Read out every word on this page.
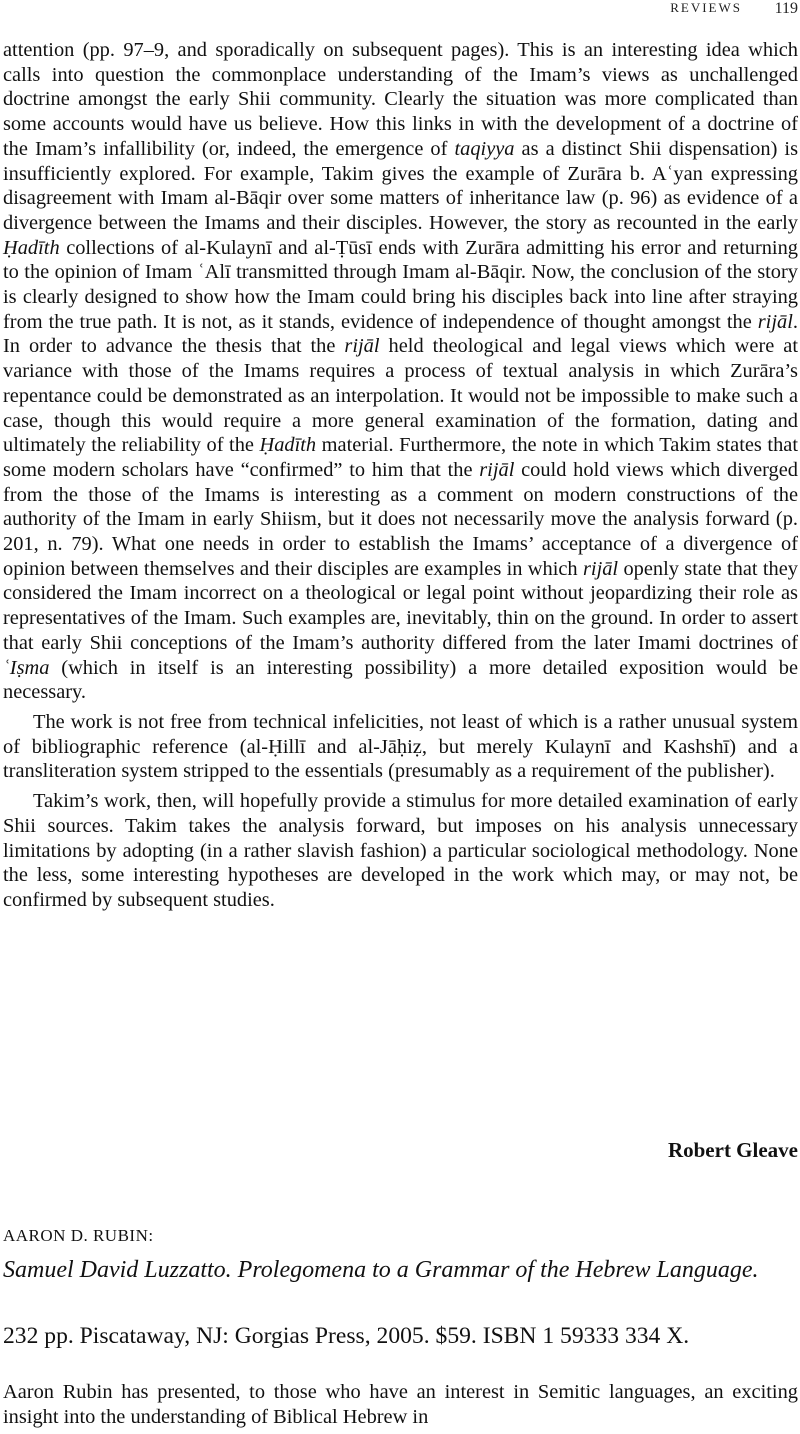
REVIEWS 119

attention (pp. 97–9, and sporadically on subsequent pages). This is an interesting idea which calls into question the commonplace understanding of the Imam’s views as unchallenged doctrine amongst the early Shii community. Clearly the situation was more complicated than some accounts would have us believe. How this links in with the development of a doctrine of the Imam’s infallibility (or, indeed, the emergence of taqiyya as a distinct Shii dispensation) is insufficiently explored. For example, Takim gives the example of Zurāra b. Aʿyan expressing disagreement with Imam al-Bāqir over some matters of inheritance law (p. 96) as evidence of a divergence between the Imams and their disciples. However, the story as recounted in the early Ḥadīth collections of al-Kulaynī and al-Ṭūsī ends with Zurāra admitting his error and returning to the opinion of Imam ʿAlī transmitted through Imam al-Bāqir. Now, the conclusion of the story is clearly designed to show how the Imam could bring his disciples back into line after straying from the true path. It is not, as it stands, evidence of independence of thought amongst the rijāl. In order to advance the thesis that the rijāl held theological and legal views which were at variance with those of the Imams requires a process of textual analysis in which Zurāra’s repentance could be demonstrated as an interpolation. It would not be impossible to make such a case, though this would require a more general examination of the formation, dating and ultimately the reliability of the Ḥadīth material. Furthermore, the note in which Takim states that some modern scholars have “confirmed” to him that the rijāl could hold views which diverged from the those of the Imams is interesting as a comment on modern constructions of the authority of the Imam in early Shiism, but it does not necessarily move the analysis forward (p. 201, n. 79). What one needs in order to establish the Imams’ acceptance of a divergence of opinion between themselves and their disciples are examples in which rijāl openly state that they considered the Imam incorrect on a theological or legal point without jeopardizing their role as representatives of the Imam. Such examples are, inevitably, thin on the ground. In order to assert that early Shii conceptions of the Imam’s authority differed from the later Imami doctrines of ʿIṣma (which in itself is an interesting possibility) a more detailed exposition would be necessary.

The work is not free from technical infelicities, not least of which is a rather unusual system of bibliographic reference (al-Ḥillī and al-Jāḥiẓ, but merely Kulaynī and Kashshī) and a transliteration system stripped to the essentials (presumably as a requirement of the publisher).

Takim’s work, then, will hopefully provide a stimulus for more detailed examination of early Shii sources. Takim takes the analysis forward, but imposes on his analysis unnecessary limitations by adopting (in a rather slavish fashion) a particular sociological methodology. None the less, some interesting hypotheses are developed in the work which may, or may not, be confirmed by subsequent studies.

Robert Gleave
AARON D. RUBIN:
Samuel David Luzzatto. Prolegomena to a Grammar of the Hebrew Language.
232 pp. Piscataway, NJ: Gorgias Press, 2005. $59. ISBN 1 59333 334 X.
Aaron Rubin has presented, to those who have an interest in Semitic languages, an exciting insight into the understanding of Biblical Hebrew in
